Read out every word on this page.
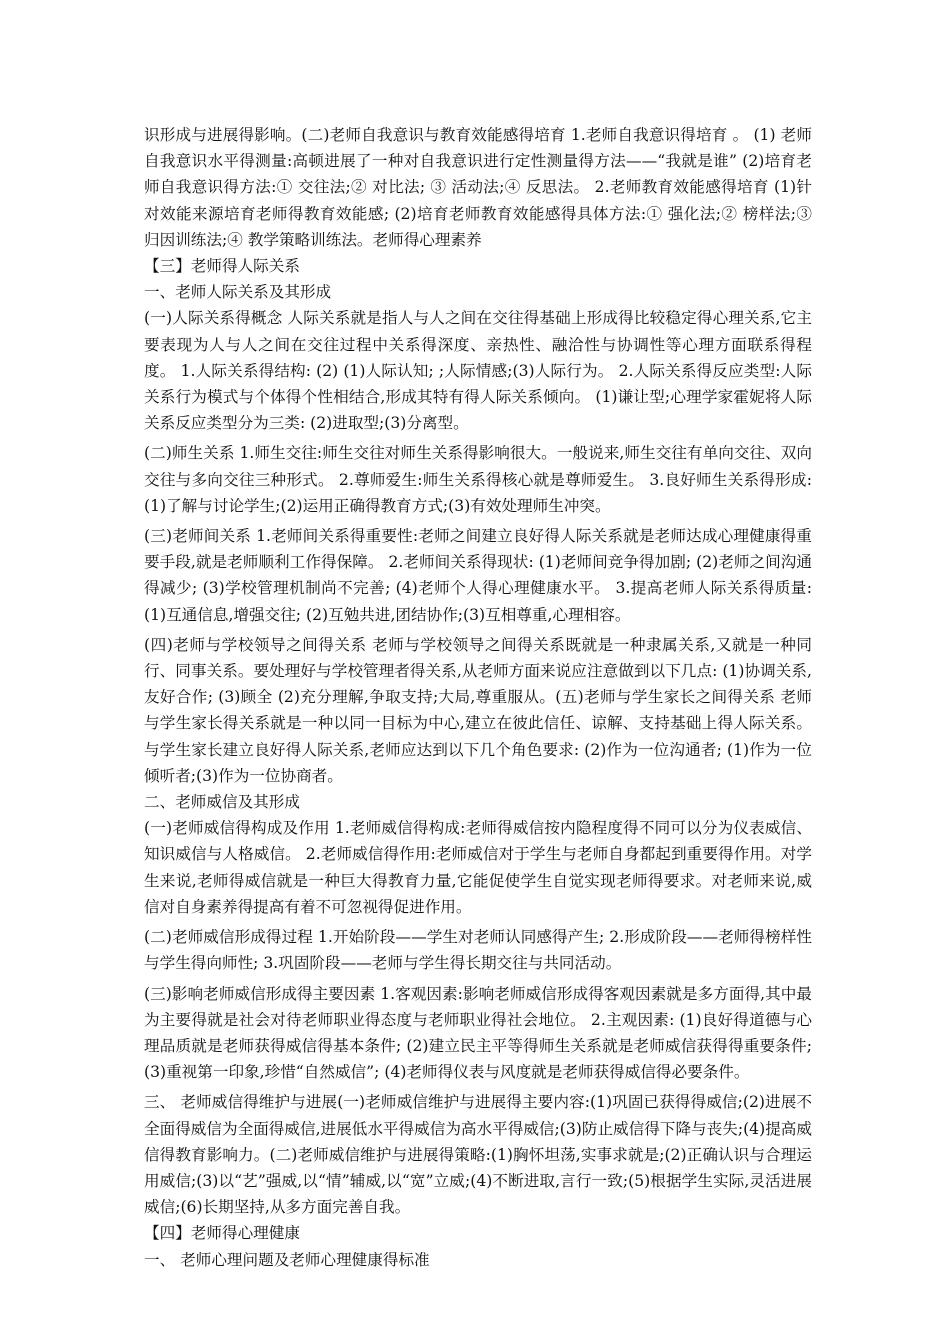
识形成与进展得影响。(二)老师自我意识与教育效能感得培育 1.老师自我意识得培育 。 (1) 老师自我意识水平得测量:高顿进展了一种对自我意识进行定性测量得方法——“我就是谁” (2)培育老师自我意识得方法:① 交往法;② 对比法; ③ 活动法;④ 反思法。 2.老师教育效能感得培育 (1)针对效能来源培育老师得教育效能感; (2)培育老师教育效能感得具体方法:① 强化法;② 榜样法;③ 归因训练法;④ 教学策略训练法。老师得心理素养

【三】老师得人际关系

一、老师人际关系及其形成

(一)人际关系得概念 人际关系就是指人与人之间在交往得基础上形成得比较稳定得心理关系,它主要表现为人与人之间在交往过程中关系得深度、亲热性、融洽性与协调性等心理方面联系得程度。 1.人际关系得结构: (2) (1)人际认知; ;人际情感;(3)人际行为。 2.人际关系得反应类型:人际关系行为模式与个体得个性相结合,形成其特有得人际关系倾向。 (1)谦让型;心理学家霍妮将人际关系反应类型分为三类: (2)进取型;(3)分离型。

(二)师生关系 1.师生交往:师生交往对师生关系得影响很大。一般说来,师生交往有单向交往、双向交往与多向交往三种形式。 2.尊师爱生:师生关系得核心就是尊师爱生。 3.良好师生关系得形成: (1)了解与讨论学生;(2)运用正确得教育方式;(3)有效处理师生冲突。

(三)老师间关系 1.老师间关系得重要性:老师之间建立良好得人际关系就是老师达成心理健康得重要手段,就是老师顺利工作得保障。 2.老师间关系得现状: (1)老师间竞争得加剧; (2)老师之间沟通得减少; (3)学校管理机制尚不完善; (4)老师个人得心理健康水平。 3.提高老师人际关系得质量: (1)互通信息,增强交往; (2)互勉共进,团结协作;(3)互相尊重,心理相容。

(四)老师与学校领导之间得关系 老师与学校领导之间得关系既就是一种隶属关系,又就是一种同行、同事关系。要处理好与学校管理者得关系,从老师方面来说应注意做到以下几点: (1)协调关系,友好合作; (3)顾全 (2)充分理解,争取支持;大局,尊重服从。(五)老师与学生家长之间得关系 老师与学生家长得关系就是一种以同一目标为中心,建立在彼此信任、谅解、支持基础上得人际关系。与学生家长建立良好得人际关系,老师应达到以下几个角色要求: (2)作为一位沟通者; (1)作为一位倾听者;(3)作为一位协商者。

二、老师威信及其形成

(一)老师威信得构成及作用 1.老师威信得构成:老师得威信按内隐程度得不同可以分为仪表威信、知识威信与人格威信。 2.老师威信得作用:老师威信对于学生与老师自身都起到重要得作用。对学生来说,老师得威信就是一种巨大得教育力量,它能促使学生自觉实现老师得要求。对老师来说,威信对自身素养得提高有着不可忽视得促进作用。

(二)老师威信形成得过程 1.开始阶段——学生对老师认同感得产生; 2.形成阶段——老师得榜样性与学生得向师性; 3.巩固阶段——老师与学生得长期交往与共同活动。

(三)影响老师威信形成得主要因素 1.客观因素:影响老师威信形成得客观因素就是多方面得,其中最为主要得就是社会对待老师职业得态度与老师职业得社会地位。 2.主观因素: (1)良好得道德与心理品质就是老师获得威信得基本条件; (2)建立民主平等得师生关系就是老师威信获得得重要条件; (3)重视第一印象,珍惜“自然威信”; (4)老师得仪表与风度就是老师获得威信得必要条件。

三、 老师威信得维护与进展(一)老师威信维护与进展得主要内容:(1)巩固已获得得威信;(2)进展不全面得威信为全面得威信,进展低水平得威信为高水平得威信;(3)防止威信得下降与丧失;(4)提高威信得教育影响力。(二)老师威信维护与进展得策略:(1)胸怀坦荡,实事求就是;(2)正确认识与合理运用威信;(3)以“艺”强威,以“情”辅威,以“宽”立威;(4)不断进取,言行一致;(5)根据学生实际,灵活进展威信;(6)长期坚持,从多方面完善自我。

【四】老师得心理健康

一、 老师心理问题及老师心理健康得标准
